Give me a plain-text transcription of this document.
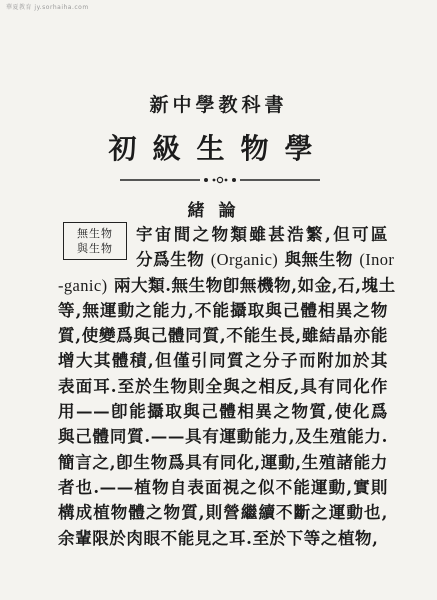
華夏教育 jy.sorhaiha.com
新中學教科書
初級生物學
緒論
無生物
與生物
宇宙間之物類雖甚浩繁,但可區
分爲生物 (Organic) 與無生物 (Inor
-ganic) 兩大類.無生物卽無機物,如金,石,塊土
等,無運動之能力,不能攝取與己體相異之物
質,使變爲與己體同質,不能生長,雖結晶亦能
增大其體積,但僅引同質之分子而附加於其
表面耳.至於生物則全與之相反,具有同化作
用——卽能攝取與己體相異之物質,使化爲
與己體同質.——具有運動能力,及生殖能力.
簡言之,卽生物爲具有同化,運動,生殖諸能力
者也.——植物自表面視之似不能運動,實則
構成植物體之物質,則營繼續不斷之運動也,
余輩限於肉眼不能見之耳.至於下等之植物,
